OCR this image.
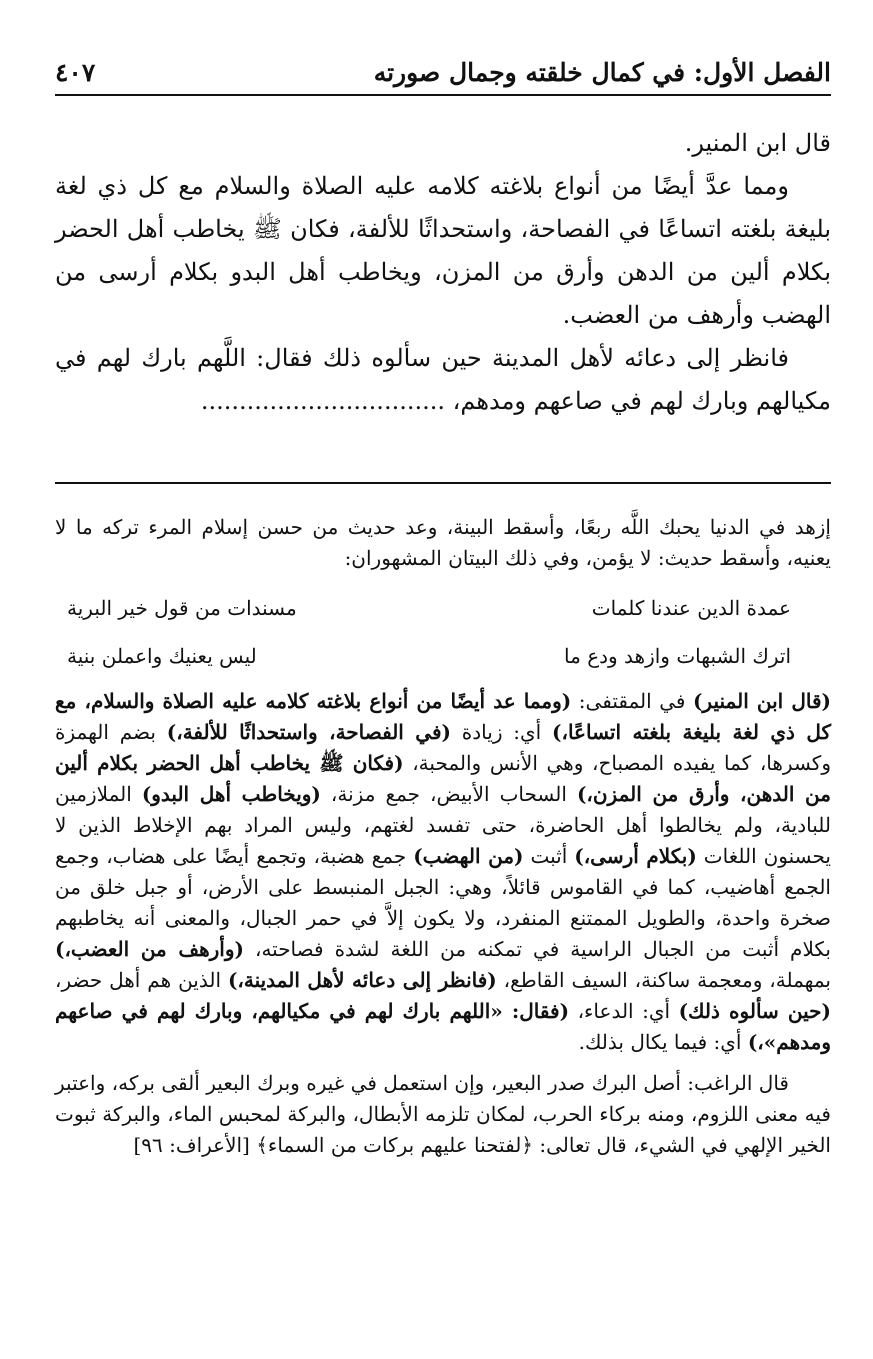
الفصل الأول: في كمال خلقته وجمال صورته
٤٠٧

قال ابن المنير.

ومما عدَّ أيضًا من أنواع بلاغته كلامه عليه الصلاة والسلام مع كل ذي لغة بليغة بلغته اتساعًا في الفصاحة، واستحداثًا للألفة، فكان ﷺ يخاطب أهل الحضر بكلام ألين من الدهن وأرق من المزن، ويخاطب أهل البدو بكلام أرسى من الهضب وأرهف من العضب.

فانظر إلى دعائه لأهل المدينة حين سألوه ذلك فقال: اللَّهم بارك لهم في مكيالهم وبارك لهم في صاعهم ومدهم، ................................

إزهد في الدنيا يحبك اللَّه ربعًا، وأسقط البينة، وعد حديث من حسن إسلام المرء تركه ما لا يعنيه، وأسقط حديث: لا يؤمن، وفي ذلك البيتان المشهوران:

عمدة الدين عندنا كلمات
مسندات من قول خير البرية
اترك الشبهات وازهد ودع ما
ليس يعنيك واعملن بنية

(قال ابن المنير) في المقتفى: (ومما عد أيضًا من أنواع بلاغته كلامه عليه الصلاة والسلام، مع كل ذي لغة بليغة بلغته اتساعًا،) أي: زيادة (في الفصاحة، واستحداثًا للألفة،) بضم الهمزة وكسرها، كما يفيده المصباح، وهي الأنس والمحبة، (فكان ﷺ يخاطب أهل الحضر بكلام ألين من الدهن، وأرق من المزن،) السحاب الأبيض، جمع مزنة، (ويخاطب أهل البدو) الملازمين للبادية، ولم يخالطوا أهل الحاضرة، حتى تفسد لغتهم، وليس المراد بهم الإخلاط الذين لا يحسنون اللغات (بكلام أرسى،) أثبت (من الهضب) جمع هضبة، وتجمع أيضًا على هضاب، وجمع الجمع أهاضيب، كما في القاموس قائلاً، وهي: الجبل المنبسط على الأرض، أو جبل خلق من صخرة واحدة، والطويل الممتنع المنفرد، ولا يكون إلاَّ في حمر الجبال، والمعنى أنه يخاطبهم بكلام أثبت من الجبال الراسية في تمكنه من اللغة لشدة فصاحته، (وأرهف من العضب،) بمهملة، ومعجمة ساكنة، السيف القاطع، (فانظر إلى دعائه لأهل المدينة،) الذين هم أهل حضر، (حين سألوه ذلك) أي: الدعاء، (فقال: «اللهم بارك لهم في مكيالهم، وبارك لهم في صاعهم ومدهم»،) أي: فيما يكال بذلك.

قال الراغب: أصل البرك صدر البعير، وإن استعمل في غيره وبرك البعير ألقى بركه، واعتبر فيه معنى اللزوم، ومنه بركاء الحرب، لمكان تلزمه الأبطال، والبركة لمحبس الماء، والبركة ثبوت الخير الإلهي في الشيء، قال تعالى: ﴿لفتحنا عليهم بركات من السماء﴾ [الأعراف: ٩٦]
